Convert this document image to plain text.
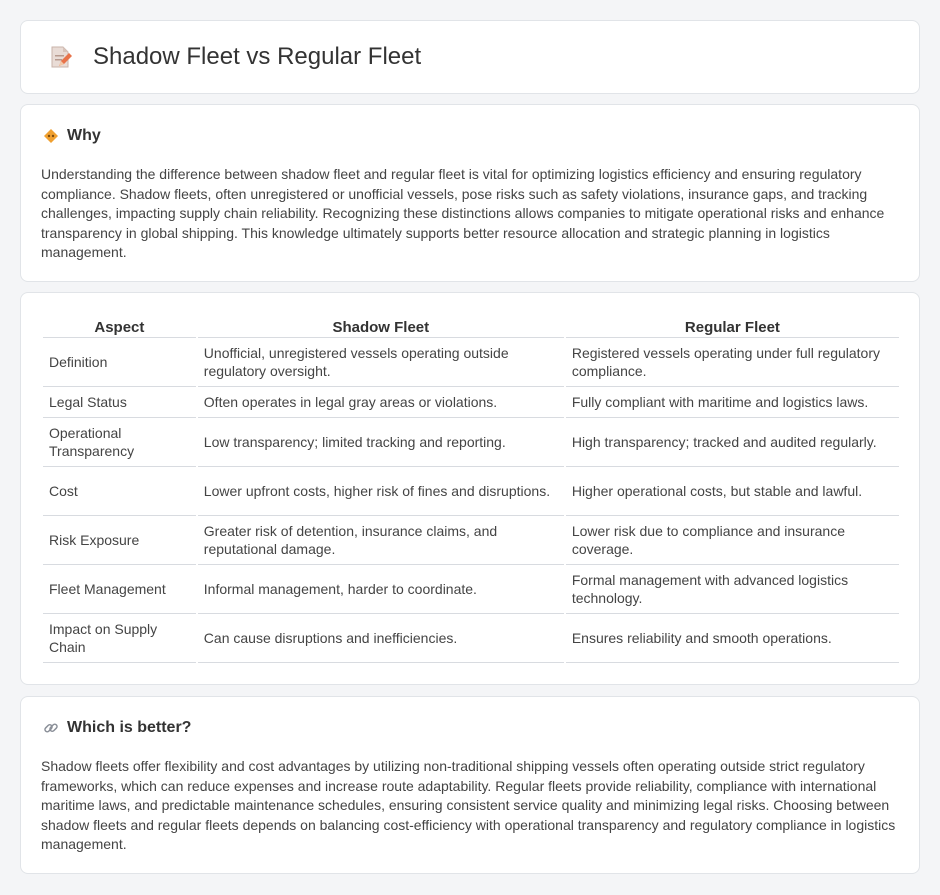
Shadow Fleet vs Regular Fleet
Why

Understanding the difference between shadow fleet and regular fleet is vital for optimizing logistics efficiency and ensuring regulatory compliance. Shadow fleets, often unregistered or unofficial vessels, pose risks such as safety violations, insurance gaps, and tracking challenges, impacting supply chain reliability. Recognizing these distinctions allows companies to mitigate operational risks and enhance transparency in global shipping. This knowledge ultimately supports better resource allocation and strategic planning in logistics management.

Aspect	Shadow Fleet	Regular Fleet
Definition	Unofficial, unregistered vessels operating outside regulatory oversight.	Registered vessels operating under full regulatory compliance.
Legal Status	Often operates in legal gray areas or violations.	Fully compliant with maritime and logistics laws.
Operational Transparency	Low transparency; limited tracking and reporting.	High transparency; tracked and audited regularly.
Cost	Lower upfront costs, higher risk of fines and disruptions.	Higher operational costs, but stable and lawful.
Risk Exposure	Greater risk of detention, insurance claims, and reputational damage.	Lower risk due to compliance and insurance coverage.
Fleet Management	Informal management, harder to coordinate.	Formal management with advanced logistics technology.
Impact on Supply Chain	Can cause disruptions and inefficiencies.	Ensures reliability and smooth operations.
Which is better?

Shadow fleets offer flexibility and cost advantages by utilizing non-traditional shipping vessels often operating outside strict regulatory frameworks, which can reduce expenses and increase route adaptability. Regular fleets provide reliability, compliance with international maritime laws, and predictable maintenance schedules, ensuring consistent service quality and minimizing legal risks. Choosing between shadow fleets and regular fleets depends on balancing cost-efficiency with operational transparency and regulatory compliance in logistics management.
